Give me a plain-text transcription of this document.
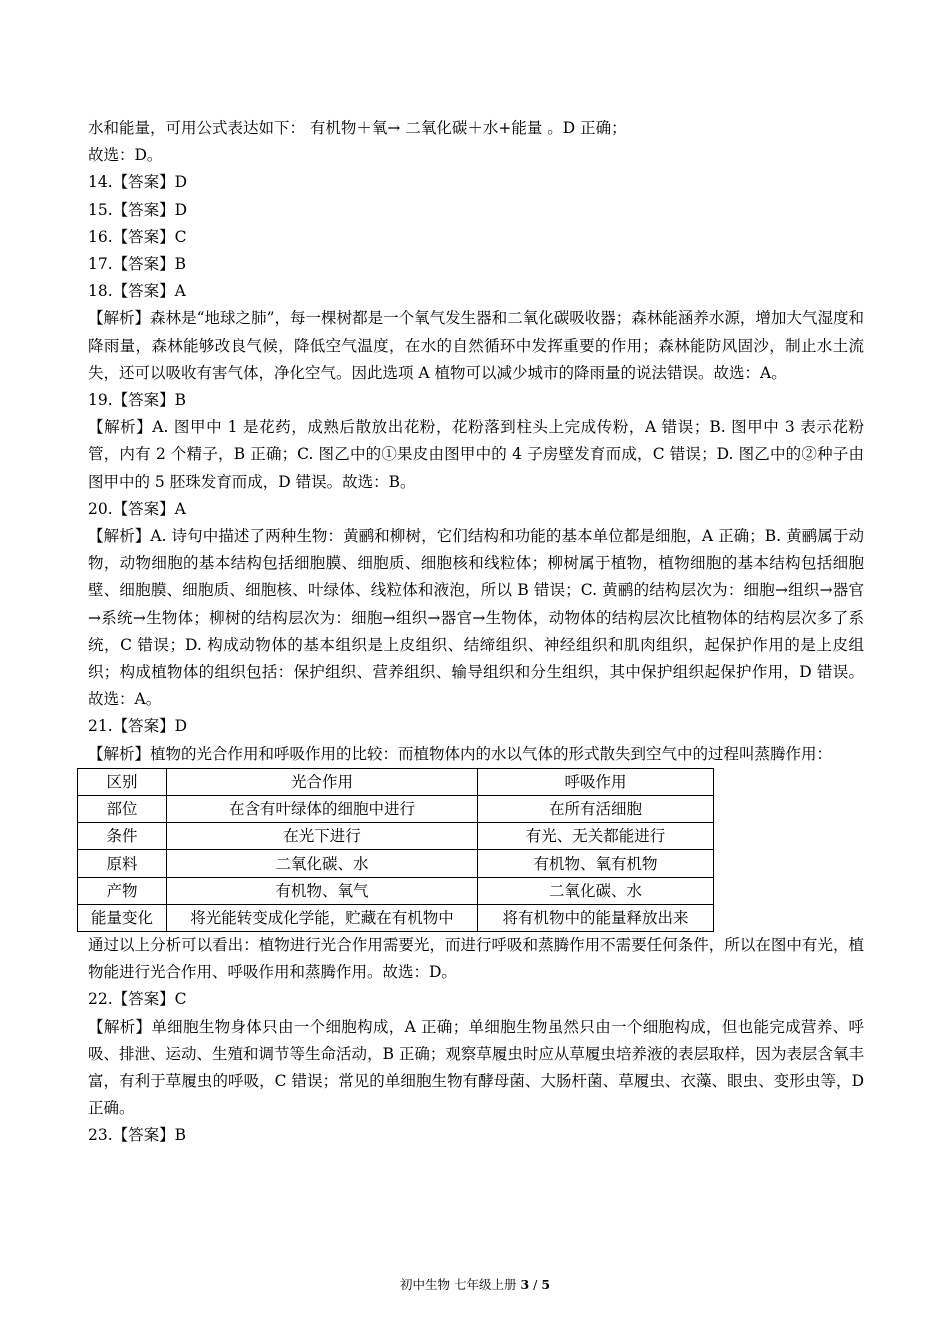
水和能量，可用公式表达如下： 有机物＋氧→ 二氧化碳＋水+能量 。D 正确；
故选：D。
14.【答案】D
15.【答案】D
16.【答案】C
17.【答案】B
18.【答案】A
【解析】森林是“地球之肺”，每一棵树都是一个氧气发生器和二氧化碳吸收器；森林能涵养水源，增加大气湿度和降雨量，森林能够改良气候，降低空气温度，在水的自然循环中发挥重要的作用；森林能防风固沙，制止水土流失，还可以吸收有害气体，净化空气。因此选项 A 植物可以减少城市的降雨量的说法错误。故选：A。
19.【答案】B
【解析】A. 图甲中 1 是花药，成熟后散放出花粉，花粉落到柱头上完成传粉，A 错误；B. 图甲中 3 表示花粉管，内有 2 个精子，B 正确；C. 图乙中的①果皮由图甲中的 4 子房壁发育而成，C 错误；D. 图乙中的②种子由图甲中的 5 胚珠发育而成，D 错误。故选：B。
20.【答案】A
【解析】A. 诗句中描述了两种生物：黄鹂和柳树，它们结构和功能的基本单位都是细胞，A 正确；B. 黄鹂属于动物，动物细胞的基本结构包括细胞膜、细胞质、细胞核和线粒体；柳树属于植物，植物细胞的基本结构包括细胞壁、细胞膜、细胞质、细胞核、叶绿体、线粒体和液泡，所以 B 错误；C. 黄鹂的结构层次为：细胞→组织→器官→系统→生物体；柳树的结构层次为：细胞→组织→器官→生物体，动物体的结构层次比植物体的结构层次多了系统，C 错误；D. 构成动物体的基本组织是上皮组织、结缔组织、神经组织和肌肉组织，起保护作用的是上皮组织；构成植物体的组织包括：保护组织、营养组织、输导组织和分生组织，其中保护组织起保护作用，D 错误。故选：A。
21.【答案】D
【解析】植物的光合作用和呼吸作用的比较：而植物体内的水以气体的形式散失到空气中的过程叫蒸腾作用：
区别	光合作用	呼吸作用
部位	在含有叶绿体的细胞中进行	在所有活细胞
条件	在光下进行	有光、无关都能进行
原料	二氧化碳、水	有机物、氧有机物
产物	有机物、氧气	二氧化碳、水
能量变化	将光能转变成化学能，贮藏在有机物中	将有机物中的能量释放出来
通过以上分析可以看出：植物进行光合作用需要光，而进行呼吸和蒸腾作用不需要任何条件，所以在图中有光，植物能进行光合作用、呼吸作用和蒸腾作用。故选：D。
22.【答案】C
【解析】单细胞生物身体只由一个细胞构成，A 正确；单细胞生物虽然只由一个细胞构成，但也能完成营养、呼吸、排泄、运动、生殖和调节等生命活动，B 正确；观察草履虫时应从草履虫培养液的表层取样，因为表层含氧丰富，有利于草履虫的呼吸，C 错误；常见的单细胞生物有酵母菌、大肠杆菌、草履虫、衣藻、眼虫、变形虫等，D 正确。
23.【答案】B
初中生物 七年级上册 3 / 5
